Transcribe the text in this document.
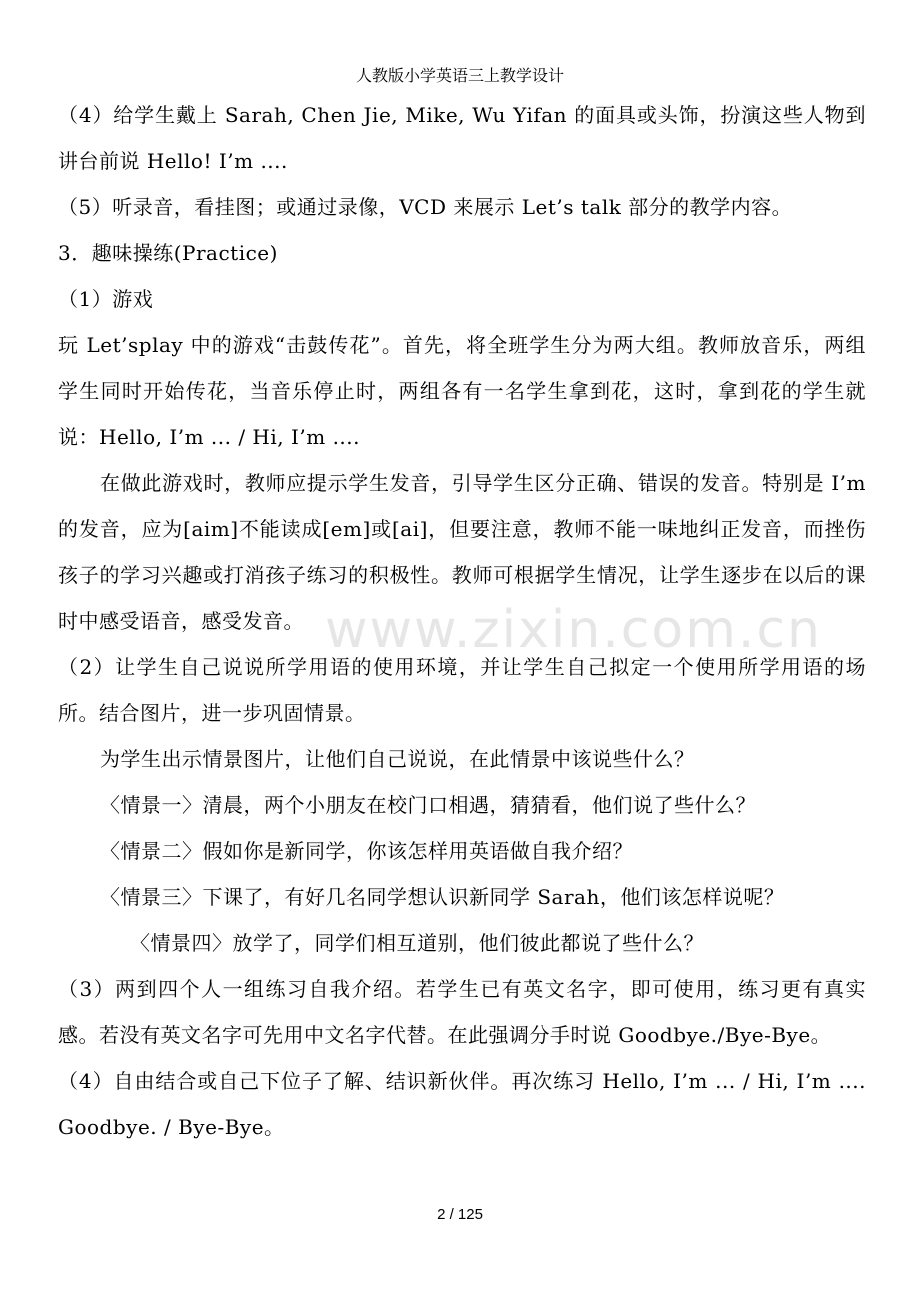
人教版小学英语三上教学设计

（4）给学生戴上 Sarah, Chen Jie, Mike, Wu Yifan 的面具或头饰，扮演这些人物到讲台前说 Hello! I’m ....

（5）听录音，看挂图；或通过录像，VCD 来展示 Let’s talk 部分的教学内容。

3．趣味操练(Practice)

（1）游戏

玩 Let’splay 中的游戏“击鼓传花”。首先，将全班学生分为两大组。教师放音乐，两组学生同时开始传花，当音乐停止时，两组各有一名学生拿到花，这时，拿到花的学生就说：Hello, I’m ... / Hi, I’m ....

在做此游戏时，教师应提示学生发音，引导学生区分正确、错误的发音。特别是 I’m 的发音，应为[aim]不能读成[em]或[ai]，但要注意，教师不能一味地纠正发音，而挫伤孩子的学习兴趣或打消孩子练习的积极性。教师可根据学生情况，让学生逐步在以后的课时中感受语音，感受发音。

（2）让学生自己说说所学用语的使用环境，并让学生自己拟定一个使用所学用语的场所。结合图片，进一步巩固情景。

为学生出示情景图片，让他们自己说说，在此情景中该说些什么？

〈情景一〉清晨，两个小朋友在校门口相遇，猜猜看，他们说了些什么？

〈情景二〉假如你是新同学，你该怎样用英语做自我介绍？

〈情景三〉下课了，有好几名同学想认识新同学 Sarah，他们该怎样说呢？

〈情景四〉放学了，同学们相互道别，他们彼此都说了些什么？

（3）两到四个人一组练习自我介绍。若学生已有英文名字，即可使用，练习更有真实感。若没有英文名字可先用中文名字代替。在此强调分手时说 Goodbye./Bye-Bye。

（4）自由结合或自己下位子了解、结识新伙伴。再次练习 Hello, I’m ... / Hi, I’m .... Goodbye. / Bye-Bye。

www.zixin.com.cn
2 / 125
